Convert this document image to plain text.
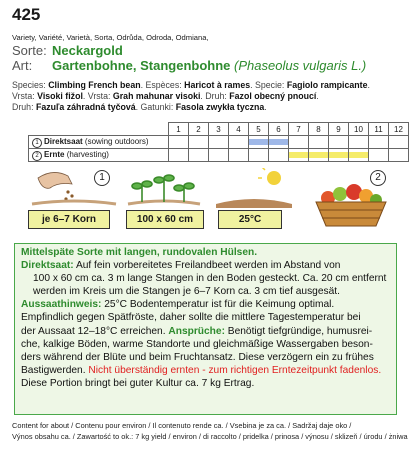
425
Variety, Variété, Varietà, Sorta, Odrůda, Odroda, Odmiana,
Sorte: Neckargold
Art: Gartenbohne, Stangenbohne (Phaseolus vulgaris L.)
Species: Climbing French bean. Espèces: Haricot à rames. Specie: Fagiolo rampicante.
Vrsta: Visoki fižol. Vrsta: Grah mahunar visoki. Druh: Fazol obecný pnoucí.
Druh: Fazuľa záhradná tyčová. Gatunki: Fasola zwykła tyczna.
	1	2	3	4	5	6	7	8	9	10	11	12
1 Direktsaat (sowing outdoors)					

2 Ernte (harvesting)							

1
je 6–7 Korn	100 x 60 cm	25°C
2
Mittelspäte Sorte mit langen, rundovalen Hülsen.
Direktsaat: Auf fein vorbereitetes Freilandbeet werden im Abstand von
100 x 60 cm ca. 3 m lange Stangen in den Boden gesteckt. Ca. 20 cm entfernt
werden im Kreis um die Stangen je 6–7 Korn ca. 3 cm tief ausgesät.
Aussaathinweis: 25°C Bodentemperatur ist für die Keimung optimal.
Empfindlich gegen Spätfröste, daher sollte die mittlere Tagestemperatur bei
der Aussaat 12–18°C erreichen. Ansprüche: Benötigt tiefgründige, humusrei-
che, kalkige Böden, warme Standorte und gleichmäßige Wassergaben beson-
ders während der Blüte und beim Fruchtansatz. Diese verzögern ein zu frühes
Bastigwerden. Nicht überständig ernten - zum richtigen Erntezeitpunkt fadenlos.
Diese Portion bringt bei guter Kultur ca. 7 kg Ertrag.
Content for about / Contenu pour environ / Il contenuto rende ca. / Vsebina je za ca. / Sadržaj daje oko /
Výnos obsahu ca. / Zawartość to ok.: 7 kg yield / environ / di raccolto / pridelka / prinosa / výnosu / sklizeň / úrodu / żniwa
